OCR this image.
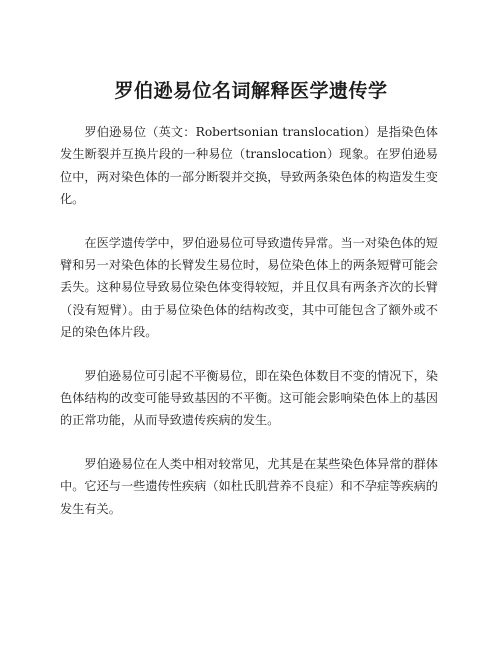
罗伯逊易位名词解释医学遗传学

罗伯逊易位（英文：Robertsonian translocation）是指染色体发生断裂并互换片段的一种易位（translocation）现象。在罗伯逊易位中，两对染色体的一部分断裂并交换，导致两条染色体的构造发生变化。

在医学遗传学中，罗伯逊易位可导致遗传异常。当一对染色体的短臂和另一对染色体的长臂发生易位时，易位染色体上的两条短臂可能会丢失。这种易位导致易位染色体变得较短，并且仅具有两条齐次的长臂（没有短臂）。由于易位染色体的结构改变，其中可能包含了额外或不足的染色体片段。

罗伯逊易位可引起不平衡易位，即在染色体数目不变的情况下，染色体结构的改变可能导致基因的不平衡。这可能会影响染色体上的基因的正常功能，从而导致遗传疾病的发生。

罗伯逊易位在人类中相对较常见，尤其是在某些染色体异常的群体中。它还与一些遗传性疾病（如杜氏肌营养不良症）和不孕症等疾病的发生有关。
